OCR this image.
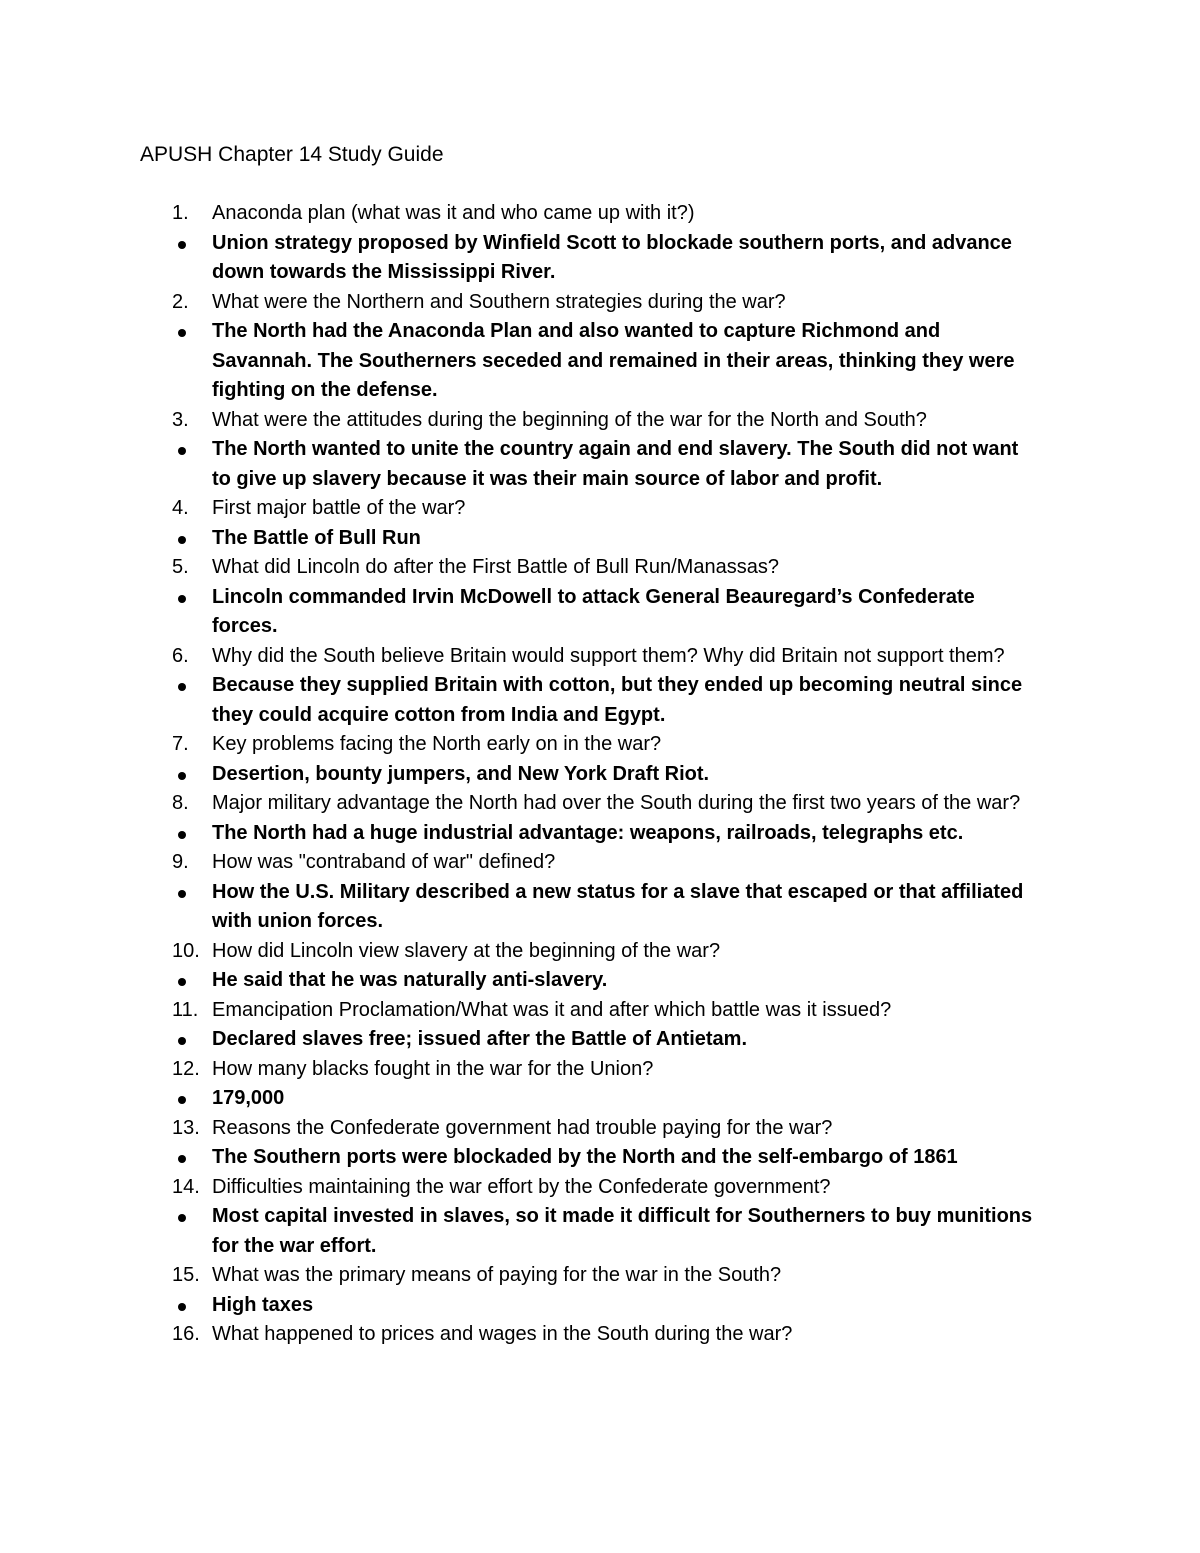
APUSH Chapter 14 Study Guide
1.	Anaconda plan (what was it and who came up with it?)
Union strategy proposed by Winfield Scott to blockade southern ports, and advance down towards the Mississippi River.
2.	What were the Northern and Southern strategies during the war?
The North had the Anaconda Plan and also wanted to capture Richmond and Savannah. The Southerners seceded and remained in their areas, thinking they were fighting on the defense.
3.	What were the attitudes during the beginning of the war for the North and South?
The North wanted to unite the country again and end slavery. The South did not want to give up slavery because it was their main source of labor and profit.
4.	First major battle of the war?
The Battle of Bull Run
5.	What did Lincoln do after the First Battle of Bull Run/Manassas?
Lincoln commanded Irvin McDowell to attack General Beauregard’s Confederate forces.
6.	Why did the South believe Britain would support them? Why did Britain not support them?
Because they supplied Britain with cotton, but they ended up becoming neutral since they could acquire cotton from India and Egypt.
7.	Key problems facing the North early on in the war?
Desertion, bounty jumpers, and New York Draft Riot.
8.	Major military advantage the North had over the South during the first two years of the war?
The North had a huge industrial advantage: weapons, railroads, telegraphs etc.
9.	How was "contraband of war" defined?
How the U.S. Military described a new status for a slave that escaped or that affiliated with union forces.
10. How did Lincoln view slavery at the beginning of the war?
He said that he was naturally anti-slavery.
11. Emancipation Proclamation/What was it and after which battle was it issued?
Declared slaves free; issued after the Battle of Antietam.
12. How many blacks fought in the war for the Union?
179,000
13. Reasons the Confederate government had trouble paying for the war?
The Southern ports were blockaded by the North and the self-embargo of 1861
14. Difficulties maintaining the war effort by the Confederate government?
Most capital invested in slaves, so it made it difficult for Southerners to buy munitions for the war effort.
15. What was the primary means of paying for the war in the South?
High taxes
16. What happened to prices and wages in the South during the war?
